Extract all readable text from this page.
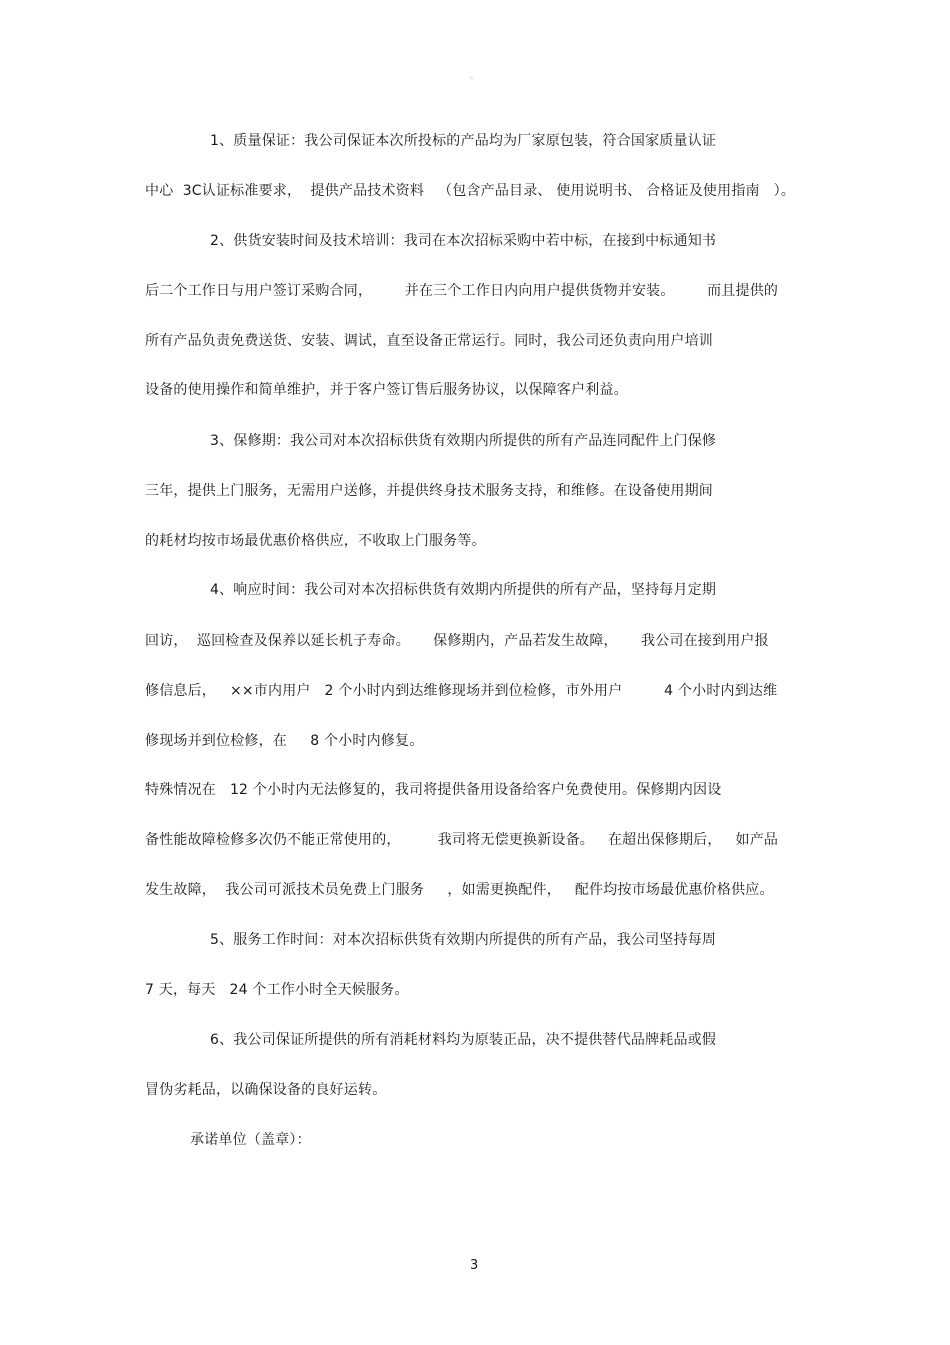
。
1、质量保证：我公司保证本次所投标的产品均为厂家原包装，符合国家质量认证
中心  3C认证标准要求，  提供产品技术资料   （包含产品目录、 使用说明书、 合格证及使用指南   ）。
2、供货安装时间及技术培训：我司在本次招标采购中若中标，在接到中标通知书
后二个工作日与用户签订采购合同，       并在三个工作日内向用户提供货物并安装。       而且提供的
所有产品负责免费送货、安装、调试，直至设备正常运行。同时，我公司还负责向用户培训
设备的使用操作和简单维护，并于客户签订售后服务协议，以保障客户利益。
3、保修期：我公司对本次招标供货有效期内所提供的所有产品连同配件上门保修
三年，提供上门服务，无需用户送修，并提供终身技术服务支持，和维修。在设备使用期间
的耗材均按市场最优惠价格供应，不收取上门服务等。
4、响应时间：我公司对本次招标供货有效期内所提供的所有产品，坚持每月定期
回访，  巡回检查及保养以延长机子寿命。     保修期内，产品若发生故障，     我公司在接到用户报
修信息后，   ××市内用户   2 个小时内到达维修现场并到位检修，市外用户         4 个小时内到达维
修现场并到位检修，在     8 个小时内修复。
特殊情况在   12 个小时内无法修复的，我司将提供备用设备给客户免费使用。保修期内因设
备性能故障检修多次仍不能正常使用的，        我司将无偿更换新设备。   在超出保修期后，   如产品
发生故障，  我公司可派技术员免费上门服务     ，如需更换配件，   配件均按市场最优惠价格供应。
5、服务工作时间：对本次招标供货有效期内所提供的所有产品，我公司坚持每周
7 天，每天   24 个工作小时全天候服务。
6、我公司保证所提供的所有消耗材料均为原装正品，决不提供替代品牌耗品或假
冒伪劣耗品，以确保设备的良好运转。
承诺单位（盖章）：
3
